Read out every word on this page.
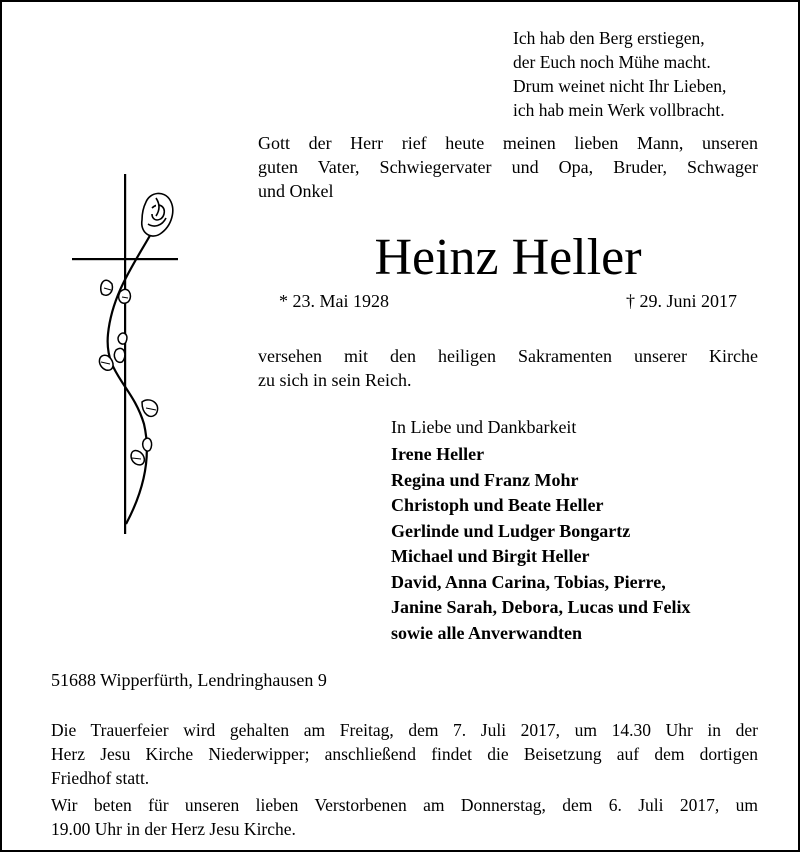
Ich hab den Berg erstiegen,
der Euch noch Mühe macht.
Drum weinet nicht Ihr Lieben,
ich hab mein Werk vollbracht.
Gott der Herr rief heute meinen lieben Mann, unseren
guten Vater, Schwiegervater und Opa, Bruder, Schwager
und Onkel
Heinz Heller
* 23. Mai 1928	† 29. Juni 2017
versehen mit den heiligen Sakramenten unserer Kirche
zu sich in sein Reich.
In Liebe und Dankbarkeit
Irene Heller
Regina und Franz Mohr
Christoph und Beate Heller
Gerlinde und Ludger Bongartz
Michael und Birgit Heller
David, Anna Carina, Tobias, Pierre,
Janine Sarah, Debora, Lucas und Felix
sowie alle Anverwandten
51688 Wipperfürth, Lendringhausen 9
Die Trauerfeier wird gehalten am Freitag, dem 7. Juli 2017, um 14.30 Uhr in der
Herz Jesu Kirche Niederwipper; anschließend findet die Beisetzung auf dem dortigen
Friedhof statt.
Wir beten für unseren lieben Verstorbenen am Donnerstag, dem 6. Juli 2017, um
19.00 Uhr in der Herz Jesu Kirche.
